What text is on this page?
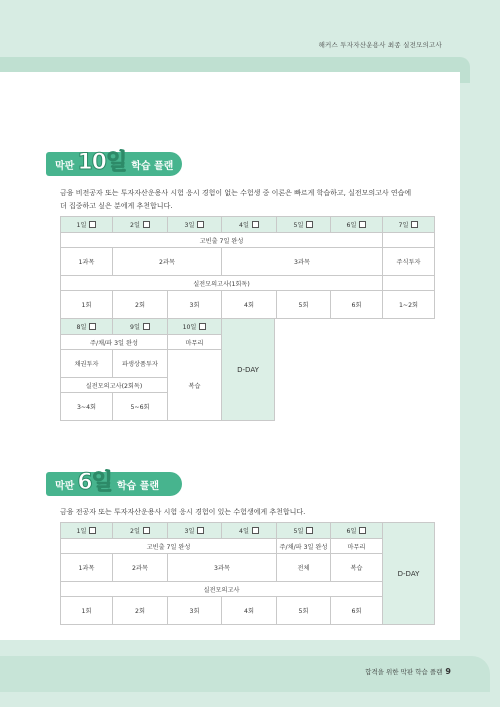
해커스 투자자산운용사 최종 실전모의고사
막판 10일 학습 플랜
금융 비전공자 또는 투자자산운용사 시험 응시 경험이 없는 수험생 중 이론은 빠르게 학습하고, 실전모의고사 연습에
더 집중하고 싶은 분에게 추천합니다.
1일	2일	3일	4일	5일	6일	7일
고빈출 7일 완성						
1과목	2과목		3과목			주식투자
실전모의고사(1회독)						
1회	2회	3회	4회	5회	6회	1~2회
8일	9일	10일	D-DAY
주/채/파 3일 완성		마무리	
채권투자	파생상품투자	복습	
실전모의고사(2회독)			
3~4회	5~6회		
막판 6일 학습 플랜
금융 전공자 또는 투자자산운용사 시험 응시 경험이 있는 수험생에게 추천합니다.
1일	2일	3일	4일	5일	6일	D-DAY
고빈출 7일 완성				주/채/파 3일 완성	마무리	
1과목	2과목	3과목		전체	복습	
실전모의고사						
1회	2회	3회	4회	5회	6회	
합격을 위한 막판 학습 플랜 9
